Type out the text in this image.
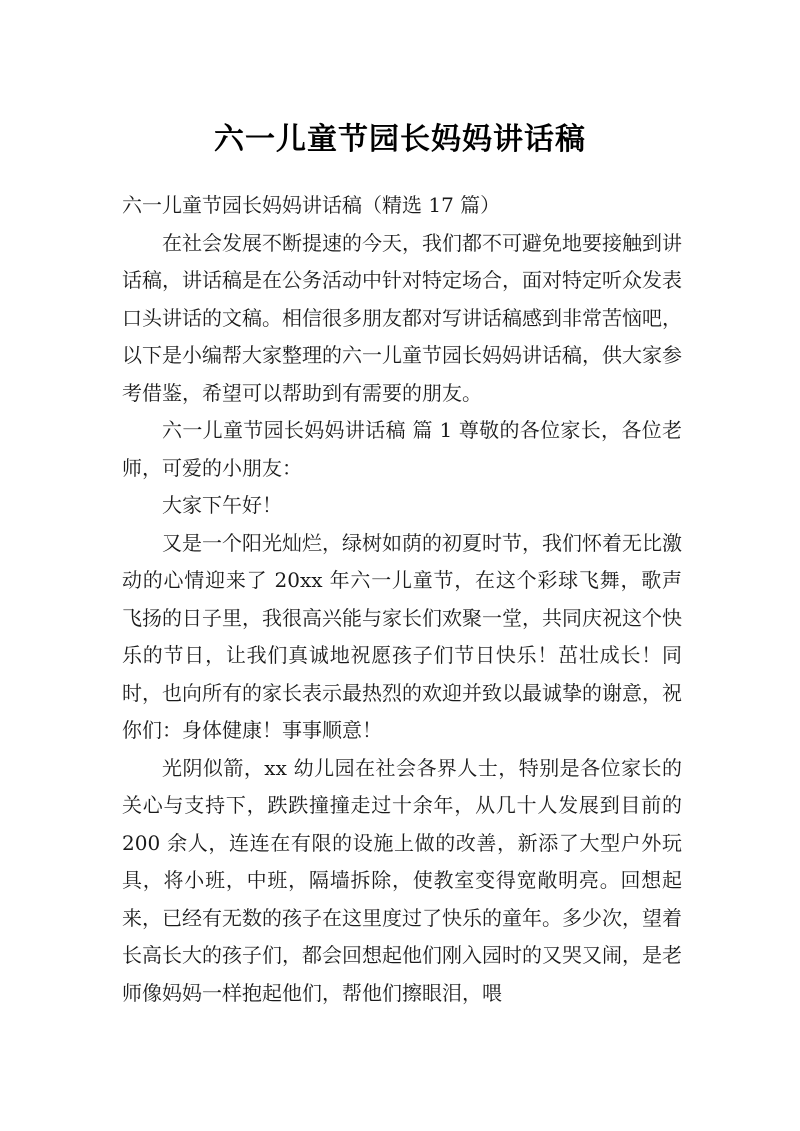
六一儿童节园长妈妈讲话稿

六一儿童节园长妈妈讲话稿（精选 17 篇）

在社会发展不断提速的今天，我们都不可避免地要接触到讲话稿，讲话稿是在公务活动中针对特定场合，面对特定听众发表口头讲话的文稿。相信很多朋友都对写讲话稿感到非常苦恼吧，以下是小编帮大家整理的六一儿童节园长妈妈讲话稿，供大家参考借鉴，希望可以帮助到有需要的朋友。

六一儿童节园长妈妈讲话稿 篇 1 尊敬的各位家长，各位老师，可爱的小朋友：

大家下午好！

又是一个阳光灿烂，绿树如荫的初夏时节，我们怀着无比激动的心情迎来了 20xx 年六一儿童节，在这个彩球飞舞，歌声飞扬的日子里，我很高兴能与家长们欢聚一堂，共同庆祝这个快乐的节日，让我们真诚地祝愿孩子们节日快乐！茁壮成长！同时，也向所有的家长表示最热烈的欢迎并致以最诚挚的谢意，祝你们：身体健康！事事顺意！

光阴似箭，xx 幼儿园在社会各界人士，特别是各位家长的关心与支持下，跌跌撞撞走过十余年，从几十人发展到目前的 200 余人，连连在有限的设施上做的改善，新添了大型户外玩具，将小班，中班，隔墙拆除，使教室变得宽敞明亮。回想起来，已经有无数的孩子在这里度过了快乐的童年。多少次，望着长高长大的孩子们，都会回想起他们刚入园时的又哭又闹，是老师像妈妈一样抱起他们，帮他们擦眼泪，喂
